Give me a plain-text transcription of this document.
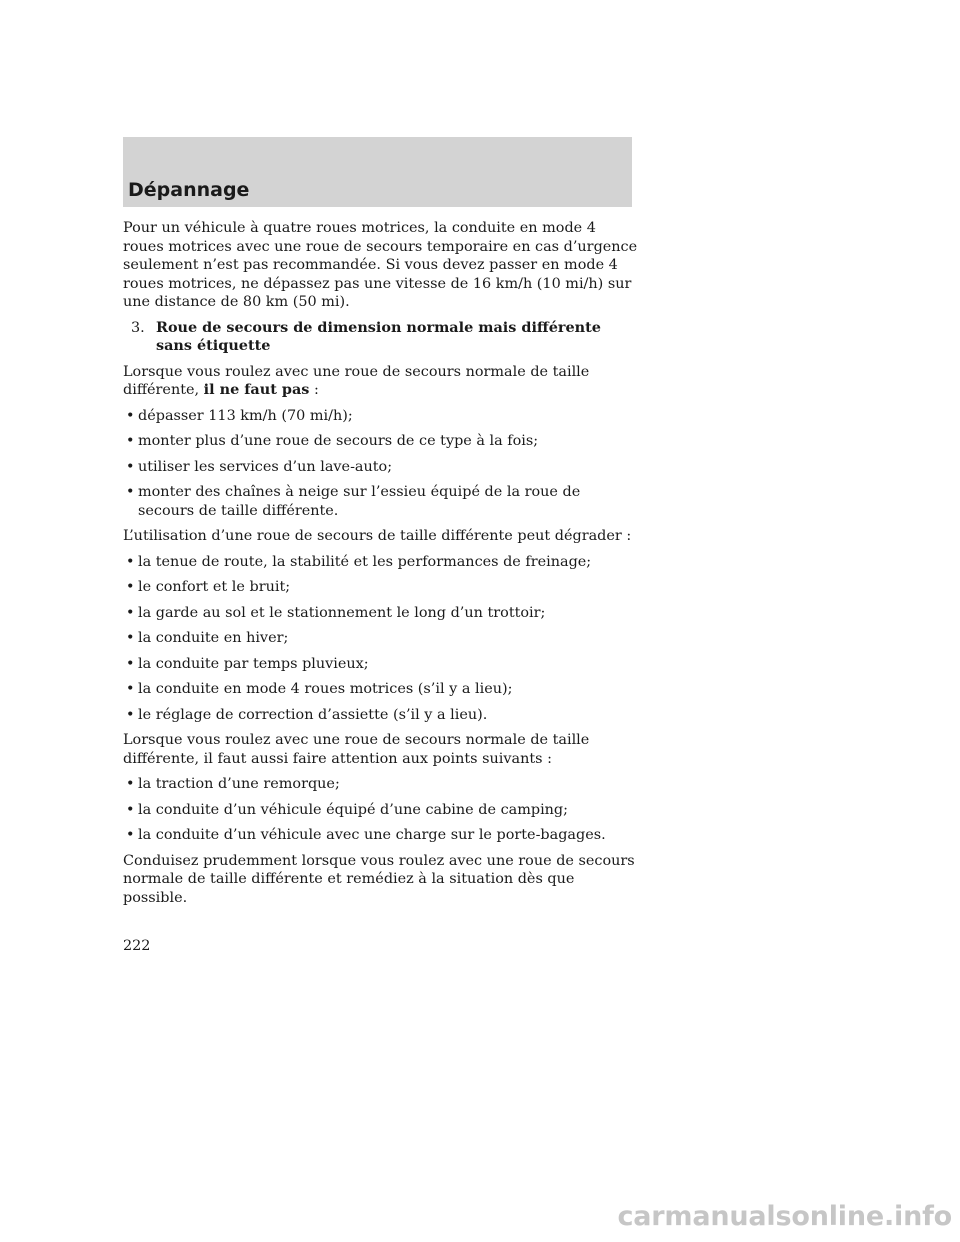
Dépannage

Pour un véhicule à quatre roues motrices, la conduite en mode 4 roues motrices avec une roue de secours temporaire en cas d’urgence seulement n’est pas recommandée. Si vous devez passer en mode 4 roues motrices, ne dépassez pas une vitesse de 16 km/h (10 mi/h) sur une distance de 80 km (50 mi).

3. Roue de secours de dimension normale mais différente sans étiquette

Lorsque vous roulez avec une roue de secours normale de taille différente, il ne faut pas :

• dépasser 113 km/h (70 mi/h);
• monter plus d’une roue de secours de ce type à la fois;
• utiliser les services d’un lave-auto;
• monter des chaînes à neige sur l’essieu équipé de la roue de secours de taille différente.

L’utilisation d’une roue de secours de taille différente peut dégrader :

• la tenue de route, la stabilité et les performances de freinage;
• le confort et le bruit;
• la garde au sol et le stationnement le long d’un trottoir;
• la conduite en hiver;
• la conduite par temps pluvieux;
• la conduite en mode 4 roues motrices (s’il y a lieu);
• le réglage de correction d’assiette (s’il y a lieu).

Lorsque vous roulez avec une roue de secours normale de taille différente, il faut aussi faire attention aux points suivants :

• la traction d’une remorque;
• la conduite d’un véhicule équipé d’une cabine de camping;
• la conduite d’un véhicule avec une charge sur le porte-bagages.

Conduisez prudemment lorsque vous roulez avec une roue de secours normale de taille différente et remédiez à la situation dès que possible.

222
carmanualsonline.info
